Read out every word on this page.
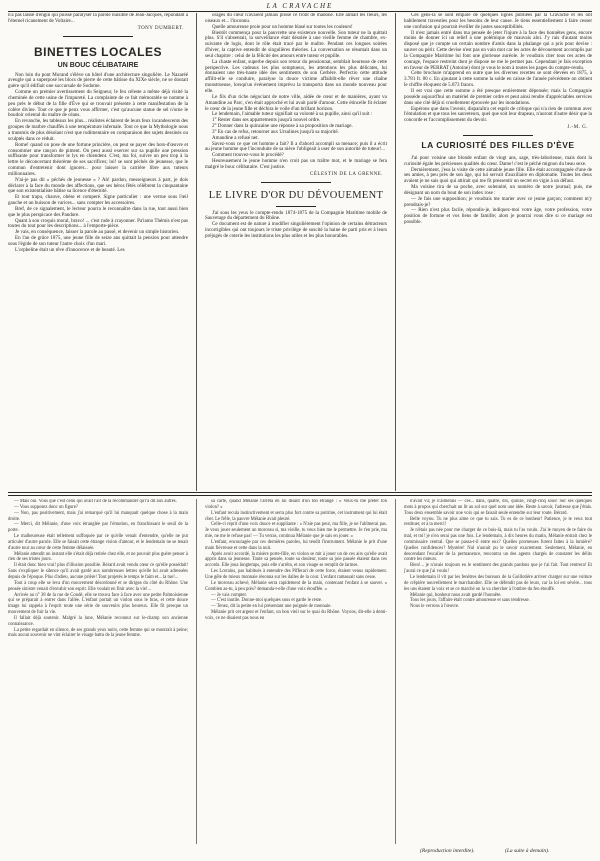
LA CRAVACHE

n'a pas laissé d'engin qui puisse paralyser la parole nuisible de Jean-Jacques, répondant à l'éternel ricanement de Voltaire...

TONY DUMBERT.
BINETTES LOCALES
UN BOUC CÉLIBATAIRE

Non loin du pont Morand s'élève un hôtel d'une architecture singulière. Le Nazaréé aveugle qui a superposé les blocs de pierre de cette bâtisse du XIXe siècle, ne se doutait guère qu'il édifiait une succursale de Sodome.

Comme un premier avertissement du Seigneur, le feu céleste a même déjà visité la cheminée de cette usine de l'impureté. La complainte de ce fait mémorable se nomme à peu près le début de la fille d'Ève qui se trouvait présente à cette manifestation de la colère divine. Tout ce que je peux vous affirmer, c'est qu'aucune statue de sel n'orne le boudoir oriental du maître de céans.

En revanche, les tableaux les plus... réalistes éclairent de leurs feux incandescents des groupes de marbre chauffés à une température infernale. Tout ce que la Mythologie nous a transmis de plus désolant n'est que rudimentaire en comparaison des sujets dessinés ou sculptés dans ce réduit.

Rome! quand on pose de une fortune princière, on peut se payer des hors-d'œuvre et consommer une rançon de piment. On peut aussi exercer sur sa pupille une pression suffisante pour transformer le lys en chiendent. C'est, ma foi, suivre un peu trop à la lettre le déconcertant théorème de ses sacrifices; lui! se sont péchés de jeunesse, que le commun d'entretenir dont ignorer... pour laisser la carrière libre aux tuteurs millionnaires.

N'ai-je pas dit « péchés de jeunesse » ? Ah! pardon, messeigneurs à part, je dois déclarer à la face du monde des affections, que ses héros fêtés célèbrent la cinquantaine que son existentialiste bâtise sa licence d'éternité.

Et tout trapu, chauve, obèse et comperé. Signe particulier : une verrue sous l'œil gauche et un buisson de varices... sans compter les accessoires.

Bref, de ce signalement, le lecteur pourra le reconnaître dans la rue, tout aussi bien que le plus perspicace des Pandore.

Quant à son croquis moral, bravo! ... c'est rude à crayonner. Pa'iamo Thémis n'est pas toutes du tout pour les descriptions... à l'emporte-pièce.

Je vais, en conséquence, laisser la parole au passé, et devenir un simple historien.

En l'an de grâce 1875, une jeune fille de seize ans quittait la pension pour attendre sous l'égide de son tuteur l'autre choix d'un mari.

L'orpheline était un rêve d'innocence et de beauté. Les

orages du cœur n'avaient jamais plissé ce front de madone. Elle aimait les fleurs, les oiseaux et... l'inconnu.

Quelle amoureuse proie pour un homme blasé sur toutes les couleurs!

Bientôt commença pour la pauvrette une existence nouvelle. Son tuteur ne la quittait plus. S'il s'absentait, la surveillance était désolée à une vieille femme de chambre, ex-suivante de logis, dont le rôle était tracé par le maître. Pendant ces longues soirées d'hiver, la captive entendit de singulières théories. La conversation se résumait dans un seul chapitre : celui de la félicité des amours entre tuteur et pupille.

La chaste enfant, superbe depuis son retour du pensionnat, semblait heureuse de cette perspective. Les cadeaux les plus somptueux, les attentions les plus délicates, lui donnaient une très-haute idée des sentiments de son Cerbère. Perfectio cette attitude affilit-elle se conduire, paralyse la douce victime affaiblit-elle rêver une chaîne monstrueuse, lorsqu'un événement imprévu la transporta dans un monde nouveau pour elle.

Le fils d'un riche négociant de notre ville, aidée de cœur et de manières, ayant vu Amandine au Parc, s'en était approché et lui avait parlé d'amour. Cette étincelle fit éclater le cœur de la jeune fille et déchira le voile d'un brillant horizon.

Le lendemain, l'aimable tuteur signifiait sa volonté à sa pupille, ainsi qu'il suit :

1° Rester dans ses appartements jusqu'à nouvel ordre.

2° Donner dans la quinzaine une réponse à sa proposition de mariage.

3° En cas de refus, retourner aux Ursulines jusqu'à sa majorité.

Amandine a refusé net.

Savez-vous ce que cet homme a fait? Il a d'abord accompli sa menace; puis il a écrit au jeune homme que l'inconduite de sa nièce l'obligeait à user de son autorité de tuteur!...

Comment trouvez-vous le procédé?

Heureusement le jeune homme n'en croit pas un traître mot, et le mariage se fera malgré le bouc célibataire. C'est justice.

CÉLESTIN DE LA GRENNE.
LE LIVRE D'OR DU DÉVOUEMENT

J'ai sous les yeux le compte-rendu 1874-1875 de la Compagnie Maritime mobile de Sauvetage du département du Rhône.

Ce document est de nature à modifier singulièrement l'opinion de certains détracteurs incorrigibles qui ont toujours le triste privilège de suscité la haine de parti pris et à leurs préjugés de coterie les institutions les plus utiles et les plus honorables.

Ces gens-là se sont emparé de quelques lignes publiées par la Cravache et les ont habilement travesties pour les besoins de leur cause. Je tiens essentiellement à faire cesser une confusion qui pourrait éveiller de justes susceptibilités.

Il n'est jamais entré dans ma pensée de jeter l'injure à la face des honnêtes gens, encore moins de donner ici un relief à une polémique de mauvais aloi. J'y rais d'autant moins disposé que je compte un certain nombre d'amis dans la phalange qui a pris pour devise : sauver ou périr. Cette devise n'est pas un vain mot car les actes de dévouement accomplis par la Compagnie Maritime lui font une glorieuse auréole. Je voudrais citer tous ces actes de courage, l'espace restreint dont je dispose ne me le permet pas. Cependant je fais exception en faveur de PERRAT (Antoine) dont je vous le nom à toutes les pages du compte-rendu.

Cette brochure m'apprend en outre que les diverses recettes se sont élevées en 1875, à 3.781 fr. 80 c. En ajoutant à cette somme la solde en caisse de l'année précédente on obtient le chiffre éloquent de 5.873 francs.

Il est vrai que cette somme a été presque entièrement dépensée; mais la Compagnie possède aujourd'hui un matériel de premier ordre et peut ainsi rendre d'appréciables services dans une cité déjà si cruellement éprouvée par les inondations.

Espérons que dans l'avenir, disparaîtra cet esprit de critique qui n'a rien de commun avec l'émulation et que tous les sauveteurs, quel que soit leur drapeau, n'auront d'autre désir que la concorde et l'accomplissement du devoir.

J.-M. G.
LA CURIOSITÉ DES FILLES D'ÈVE

J'ai pour voisine une blonde enfant de vingt ans, sage, très-laborieuse, mais dont la curiosité égale les précieuses qualités du cœur. Dame! c'est le péché mignon du beau sexe.

Dernièrement, j'eus la visite de cette aimable jeune fille. Elle était accompagnée d'une de ses amies, à peu près de son âge, qui lui servait d'auxiliaire en diplomatie. Toutes les deux avaient je ne sais quoi qui attirait qui me fit pressentir un secret en vigie à un défaut.

Ma voisine tira de sa poche, avec solennité, un numéro de notre journal; puis, me désignant un nom du bout de son index rose :

— Je fais une supposition; je voudrais me marier avec ce jeune garçon; comment m'y prendrais-je?

— Rien n'est plus facile, répondis-je, indiquez-moi votre âge, votre profession, votre position de fortune et vos liens de famille; alors je pourrai vous dire si ce mariage est possible.

— Mais oui. Vous que c'est celui qui avait l'air de la recommander qu'l'a dit aux autres.

— Vous supposez donc un figure?

— Non, pas positivement, mais j'ai remarqué qu'il lui manquait quelque chose à la main droite.

— Merci, dit Mélanie, d'une voix étranglée par l'émotion, en franchissant le seuil de la porte.

Le malheureuse était tellement suffoquée par ce qu'elle venait d'entendre, qu'elle ne put articuler d'autre parole. Elle se faisait cette étrange vision d'amour, et le lendemain ne se tenait d'autre tour au cœur de cette femme délaissée.

Mélanie attendit un instant elle s'était déjà retirée chez elle, et ne pouvait plus guère penser à rien de ses tristes jours.

Il était donc bien vrai! plus d'illusion possible. Bérard avait vendu cœur ce qu'elle possédait! Sans s'expliquer le silence qu'il avait gardé aux nombreuses lettres qu'elle lui avait adressées depuis de l'époque. Plus d'adieu, aucune prière! Tout projetés le temps le faim et... la tue!...

Tout à coup elle se leva d'un mouvement désordonné et se dirigea du côté du Rhône. Une pensée sinistre venait d'envahir son esprit. Elle voulait en finir avec la vie!...

Arrivée au n° 38 de la rue de Condé, elle se trouva face à face avec une petite Palmoisienne qui se préparait à entrer dans l'allée. L'enfant portait un violon sous le bras, et cette douce image lui rappela à l'esprit toute une série de souvenirs plus heureux. Elle fit presque un mouvement de fuir la vie.

Il fallait déjà soutenir. Malgré la lune, Mélanie reconnut sur le-champ son ancienne connaissance.

La petite regardait en silence, de ses grands yeux noirs, cette femme qui se montrait à peine; mais aucun souvenir ne vint éclairer le visage battu de la jeune femme.

sa carte, quand Mélanie l'arrêta en lui disant d'un ton étrange : « Veux-tu me prêter ton violon? »

L'enfant recula instinctivement et serra plus fort contre sa poitrine, cet instrument qui lui était cher. Le frêle, la pauvre Mélanie avait pleuré.

Celle-ci reprit d'une voix douce et suppliante : « N'aie pas peur, ma fille, je ne l'abîmerai pas. Je veux jouer seulement un morceau si, ma vieille, tu veux bien me le permettre. Je t'en prie, ma mie, ne me le refuse pas! — Tu verras, continua Mélanie que je sais en jouer. »

L'enfant, encouragée par ces dernières paroles, lui tendit l'instrument. Mélanie le prit d'une main fiévreuse et cette dans la nuit.

Après avoir accordé, la misère porte-fille, en violon se mit à jouer un de ces airs qu'elle avait appris dans sa jeunesse. Toute sa pensée, toute sa douleur, toute sa joie passée étaient dans ces accords. Elle joua longtemps, puis elle s'arrêta, et son visage se remplit de larmes.

Les Lorrains, pas habitués à entendre des Pifferari de cette force, étaient venus rapidement. Une gêle de mieux monnaie résonna sur les dalles de la cour. L'enfant ramassait sans cesse.

Le morceau achevé, Mélanie serra rapidement de la main, contenant l'enfant à se sauver. « Combien as-tu, à peu près? demanda-t-elle d'une voix étouffée. »

— Je vais compter.

— C'est inutile. Donne-moi quelques sous et garde le reste.

— Tenez, dit la petite en lui présentant une poignée de monnaie.

Mélanie prit cet argent et l'enfant, un bon vieil sur le quai du Rhône. Voyons, dit-elle à demi-voix, ce ne disaient pas nous en

n'avait vu; je n'aimerais — ces... dans, quatre, dix, quinze, vingt-cinq sous! Sur ses quelques mots à propos qui cherchait un lit au sol sur quel nom une idée. Reste à savoir, l'adresse que j'étais. Tous deux ensemble savoir une voix qui se faisait seule entendre sur leur route. Bérard.

Belle voyou. Tu ne plus aime ce que tu sais. Tu es de ce bonheur! Patience, je te veux tout restituer, et à ta merci!

Je n'étais pas née pour me charger de ce bois-là, mais tu l'as voulu. J'ai le moyen de te faire du mal, et toi! je n'en serai pas une fois. Le lendemain, à dix heures du matin, Mélanie entrait chez le commissaire central. Que se passa-t-il entre eux? Quelles promesses furent faites à la lumière? Quelles confidences? Mystère! Nul n'aurait pu le savoir exactement. Seulement, Mélanie, en descendant l'escalier de la permanence, rencontra un des agents chargés de constater les délits contre les mœurs.

Bien!... je n'avais toujours eu le sentiment des grands pardons que je t'ai fait. Tout rentrera! Et j'aurai ce que j'ai voulu!

Le lendemain il vit par les fenêtres des bureaux de la Guillotière arriver charger sur une voiture de crêpière nouvellement le marchandier. Elle ne défendit pas de leurs, car la loi est sévère... tous les uns étaient la voix et se ce marché on la va chercher à l'ombre du feu étouffé.

Mélanie qui, bonheur nous avait gardé l'honnête.

Tous les jours, l'affaire était contre amoureuse et sans tendresse.

Nous le verrons à l'œuvre.

(Reproduction interdite).	(La suite à demain).
